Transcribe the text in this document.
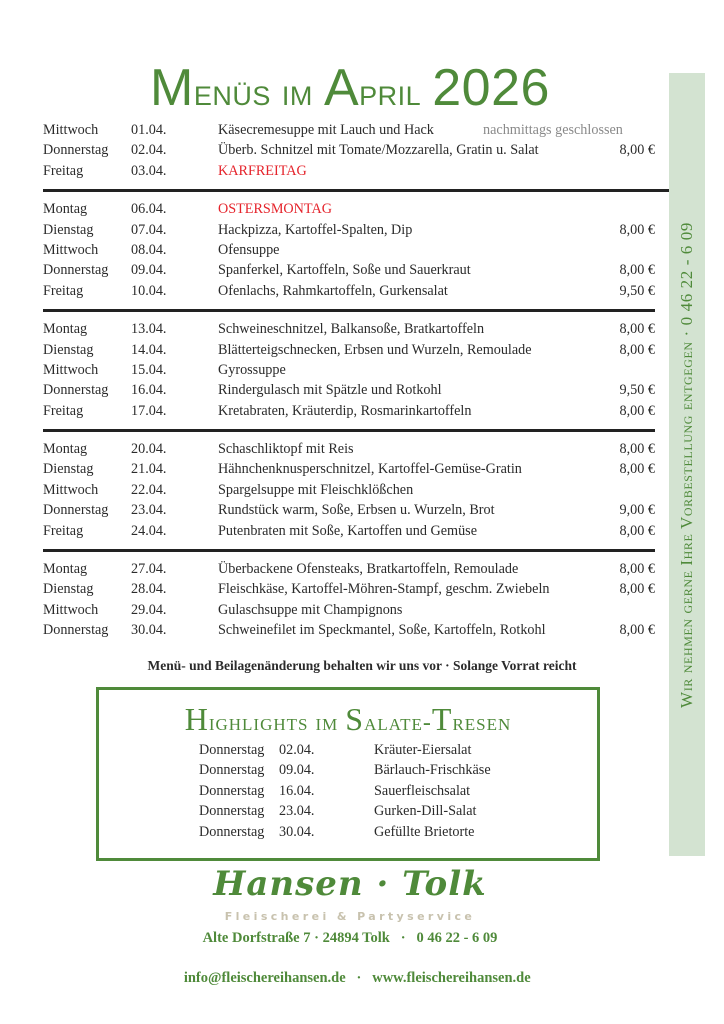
Menüs im April 2026
Mittwoch 01.04.	Käsecremesuppe mit Lauch und Hack	nachmittags geschlossen
Donnerstag 02.04.	Überb. Schnitzel mit Tomate/Mozzarella, Gratin u. Salat	8,00 €
Freitag	03.04.	KARFREITAG
Montag	06.04.	OSTERSMONTAG
Dienstag	07.04.	Hackpizza, Kartoffel-Spalten, Dip	8,00 €
Mittwoch 08.04.	Ofensuppe
Donnerstag 09.04.	Spanferkel, Kartoffeln, Soße und Sauerkraut	8,00 €
Freitag	10.04.	Ofenlachs, Rahmkartoffeln, Gurkensalat	9,50 €
Montag	13.04.	Schweineschnitzel, Balkansoße, Bratkartoffeln	8,00 €
Dienstag	14.04.	Blätterteigschnecken, Erbsen und Wurzeln, Remoulade	8,00 €
Mittwoch 15.04.	Gyrossuppe
Donnerstag 16.04.	Rindergulasch mit Spätzle und Rotkohl	9,50 €
Freitag	17.04.	Kretabraten, Kräuterdip, Rosmarinkartoffeln	8,00 €
Montag	20.04.	Schaschliktopf mit Reis	8,00 €
Dienstag	21.04.	Hähnchenknusperschnitzel, Kartoffel-Gemüse-Gratin	8,00 €
Mittwoch 22.04.	Spargelsuppe mit Fleischklößchen
Donnerstag 23.04.	Rundstück warm, Soße, Erbsen u. Wurzeln, Brot	9,00 €
Freitag	24.04.	Putenbraten mit Soße, Kartoffen und Gemüse	8,00 €
Montag	27.04.	Überbackene Ofensteaks, Bratkartoffeln, Remoulade	8,00 €
Dienstag	28.04.	Fleischkäse, Kartoffel-Möhren-Stampf, geschm. Zwiebeln	8,00 €
Mittwoch 29.04.	Gulaschsuppe mit Champignons
Donnerstag 30.04.	Schweinefilet im Speckmantel, Soße, Kartoffeln, Rotkohl	8,00 €
Menü- und Beilagenänderung behalten wir uns vor · Solange Vorrat reicht
Highlights im Salate-Tresen
Donnerstag 02.04.	Kräuter-Eiersalat
Donnerstag 09.04.	Bärlauch-Frischkäse
Donnerstag 16.04.	Sauerfleischsalat
Donnerstag 23.04.	Gurken-Dill-Salat
Donnerstag 30.04.	Gefüllte Brietorte
Hansen · Tolk
Fleischerei & Partyservice
Alte Dorfstraße 7 · 24894 Tolk   ·   0 46 22 - 6 09

info@fleischereihansen.de   ·   www.fleischereihansen.de

Wir nehmen gerne Ihre Vorbestellung entgegen · 0 46 22 - 6 09
